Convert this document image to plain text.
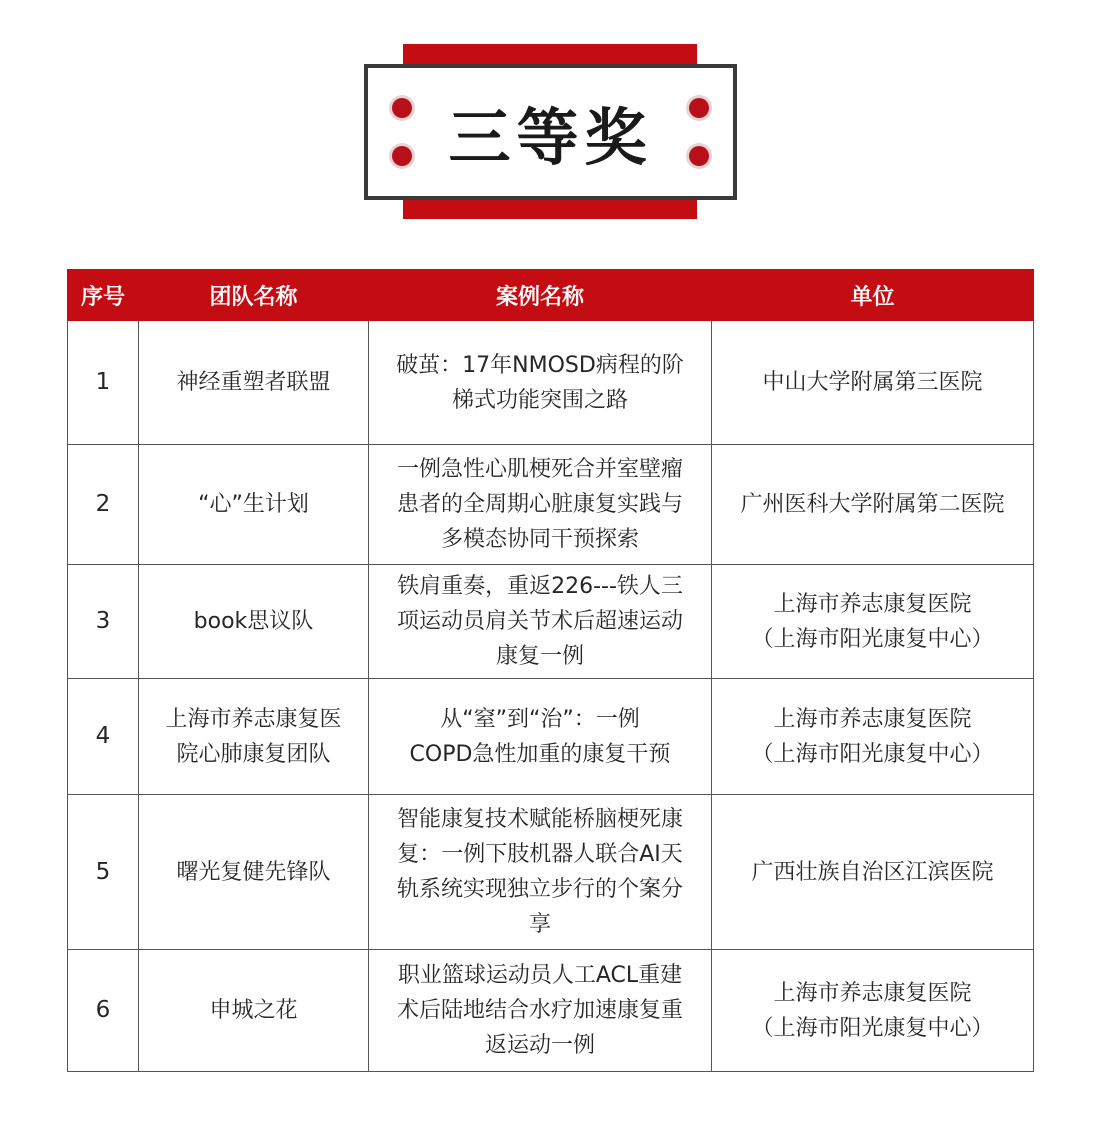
三等奖
序号	团队名称	案例名称	单位
1	神经重塑者联盟	破茧：17年NMOSD病程的阶
梯式功能突围之路	中山大学附属第三医院

2	“心”生计划	一例急性心肌梗死合并室壁瘤
患者的全周期心脏康复实践与
多模态协同干预探索	广州医科大学附属第二医院

3	book思议队	铁肩重奏，重返226---铁人三
项运动员肩关节术后超速运动
康复一例	上海市养志康复医院
（上海市阳光康复中心）

4	上海市养志康复医
院心肺康复团队	从“窒”到“治”：一例
COPD急性加重的康复干预	上海市养志康复医院
（上海市阳光康复中心）

5	曙光复健先锋队	智能康复技术赋能桥脑梗死康
复：一例下肢机器人联合AI天
轨系统实现独立步行的个案分
享	广西壮族自治区江滨医院

6	申城之花	职业篮球运动员人工ACL重建
术后陆地结合水疗加速康复重
返运动一例	上海市养志康复医院
（上海市阳光康复中心）
